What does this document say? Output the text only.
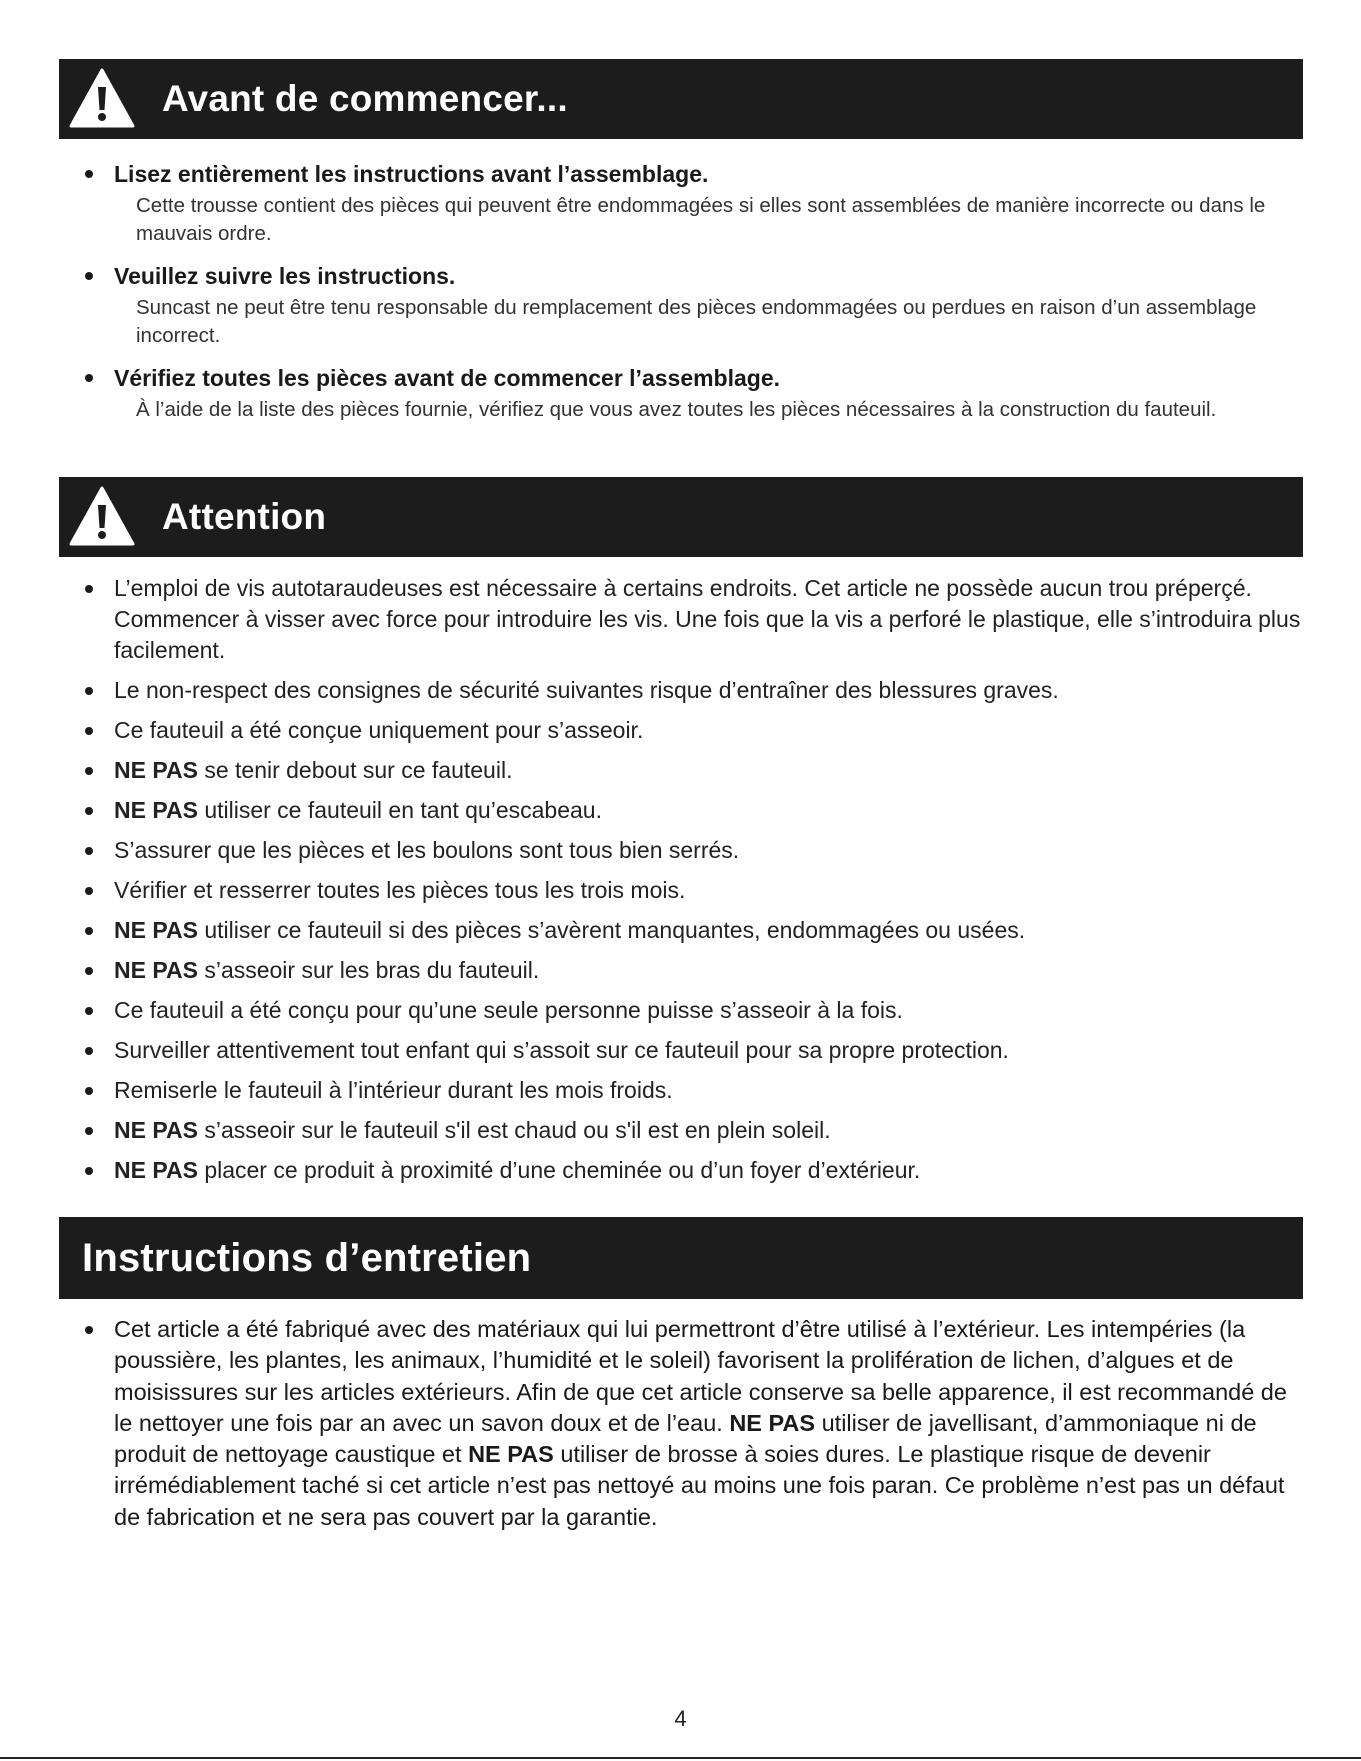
Avant de commencer...
Lisez entièrement les instructions avant l’assemblage.
Cette trousse contient des pièces qui peuvent être endommagées si elles sont assemblées de manière incorrecte ou dans le mauvais ordre.
Veuillez suivre les instructions.
Suncast ne peut être tenu responsable du remplacement des pièces endommagées ou perdues en raison d’un assemblage incorrect.
Vérifiez toutes les pièces avant de commencer l’assemblage.
À l’aide de la liste des pièces fournie, vérifiez que vous avez toutes les pièces nécessaires à la construction du fauteuil.
Attention
L’emploi de vis autotaraudeuses est nécessaire à certains endroits. Cet article ne possède aucun trou préperçé. Commencer à visser avec force pour introduire les vis. Une fois que la vis a perforé le plastique, elle s’introduira plus facilement.
Le non-respect des consignes de sécurité suivantes risque d’entraîner des blessures graves.
Ce fauteuil a été conçue uniquement pour s’asseoir.
NE PAS se tenir debout sur ce fauteuil.
NE PAS utiliser ce fauteuil en tant qu’escabeau.
S’assurer que les pièces et les boulons sont tous bien serrés.
Vérifier et resserrer toutes les pièces tous les trois mois.
NE PAS utiliser ce fauteuil si des pièces s’avèrent manquantes, endommagées ou usées.
NE PAS s’asseoir sur les bras du fauteuil.
Ce fauteuil a été conçu pour qu’une seule personne puisse s’asseoir à la fois.
Surveiller attentivement tout enfant qui s’assoit sur ce fauteuil pour sa propre protection.
Remiserle le fauteuil à l’intérieur durant les mois froids.
NE PAS s’asseoir sur le fauteuil s'il est chaud ou s'il est en plein soleil.
NE PAS placer ce produit à proximité d’une cheminée ou d’un foyer d’extérieur.
Instructions d’entretien
Cet article a été fabriqué avec des matériaux qui lui permettront d’être utilisé à l’extérieur. Les intempéries (la poussière, les plantes, les animaux, l’humidité et le soleil) favorisent la prolifération de lichen, d’algues et de moisissures sur les articles extérieurs. Afin de que cet article conserve sa belle apparence, il est recommandé de le nettoyer une fois par an avec un savon doux et de l’eau. NE PAS utiliser de javellisant, d’ammoniaque ni de produit de nettoyage caustique et NE PAS utiliser de brosse à soies dures. Le plastique risque de devenir irrémédiablement taché si cet article n’est pas nettoyé au moins une fois paran. Ce problème n’est pas un défaut de fabrication et ne sera pas couvert par la garantie.
4
